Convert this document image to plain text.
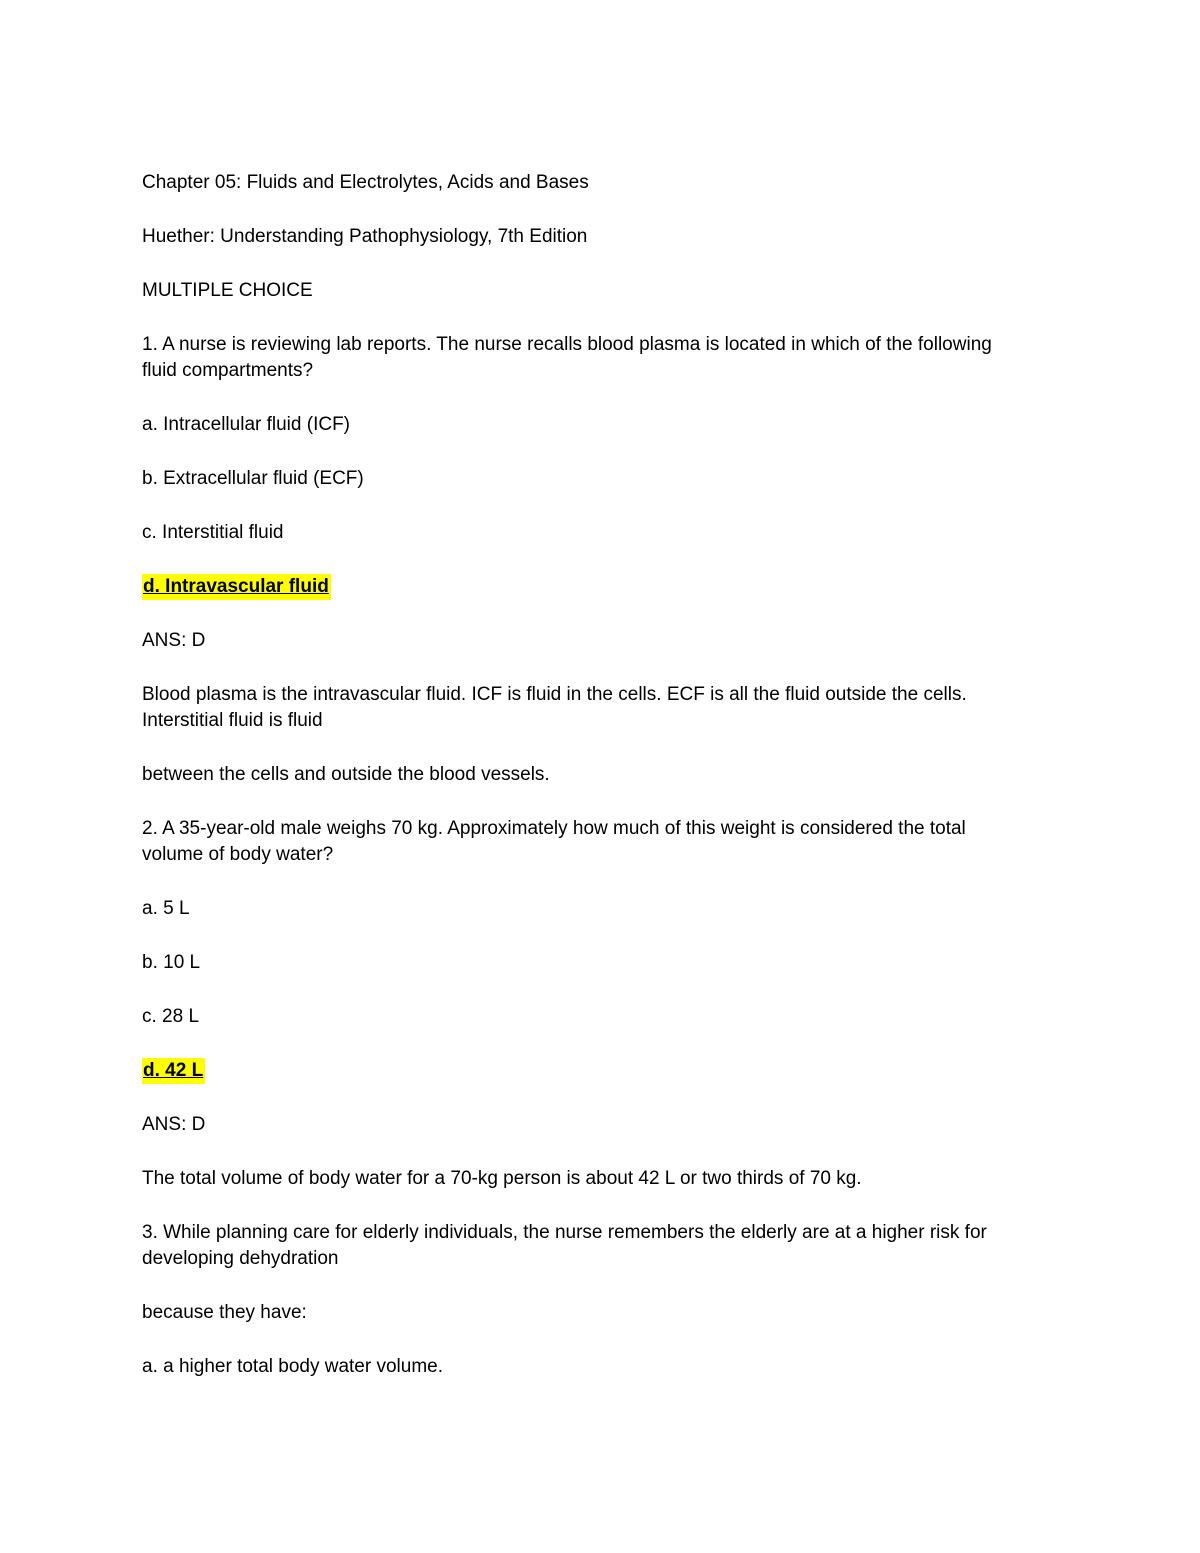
Chapter 05: Fluids and Electrolytes, Acids and Bases
Huether: Understanding Pathophysiology, 7th Edition
MULTIPLE CHOICE
1. A nurse is reviewing lab reports. The nurse recalls blood plasma is located in which of the following
fluid compartments?
a. Intracellular fluid (ICF)
b. Extracellular fluid (ECF)
c. Interstitial fluid
d. Intravascular fluid
ANS: D
Blood plasma is the intravascular fluid. ICF is fluid in the cells. ECF is all the fluid outside the cells.
Interstitial fluid is fluid
between the cells and outside the blood vessels.
2. A 35-year-old male weighs 70 kg. Approximately how much of this weight is considered the total
volume of body water?
a. 5 L
b. 10 L
c. 28 L
d. 42 L
ANS: D
The total volume of body water for a 70-kg person is about 42 L or two thirds of 70 kg.
3. While planning care for elderly individuals, the nurse remembers the elderly are at a higher risk for
developing dehydration
because they have:
a. a higher total body water volume.
